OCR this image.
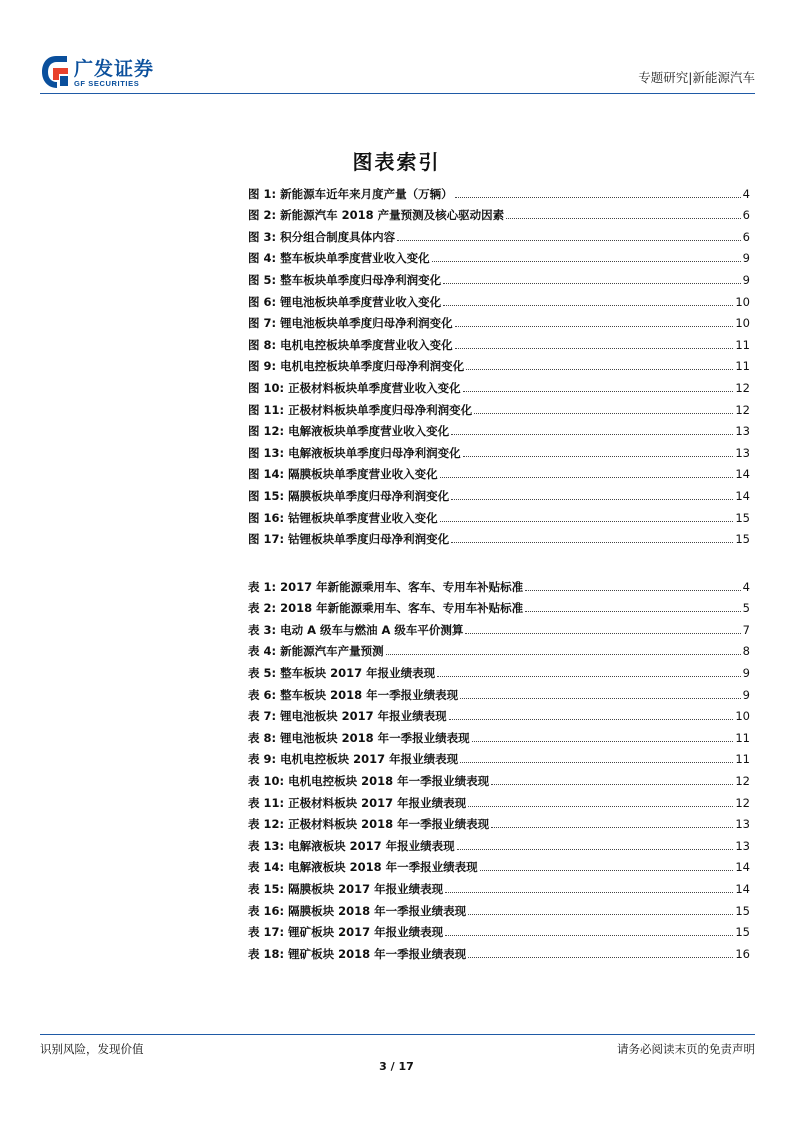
广发证券
GF SECURITIES	专题研究|新能源汽车
图表索引
图 1: 新能源车近年来月度产量（万辆）	4
图 2: 新能源汽车 2018 产量预测及核心驱动因素	6
图 3: 积分组合制度具体内容	6
图 4: 整车板块单季度营业收入变化	9
图 5: 整车板块单季度归母净利润变化	9
图 6: 锂电池板块单季度营业收入变化	10
图 7: 锂电池板块单季度归母净利润变化	10
图 8: 电机电控板块单季度营业收入变化	11
图 9: 电机电控板块单季度归母净利润变化	11
图 10: 正极材料板块单季度营业收入变化	12
图 11: 正极材料板块单季度归母净利润变化	12
图 12: 电解液板块单季度营业收入变化	13
图 13: 电解液板块单季度归母净利润变化	13
图 14: 隔膜板块单季度营业收入变化	14
图 15: 隔膜板块单季度归母净利润变化	14
图 16: 钴锂板块单季度营业收入变化	15
图 17: 钴锂板块单季度归母净利润变化	15
表 1: 2017 年新能源乘用车、客车、专用车补贴标准	4
表 2: 2018 年新能源乘用车、客车、专用车补贴标准	5
表 3: 电动 A 级车与燃油 A 级车平价测算	7
表 4: 新能源汽车产量预测	8
表 5: 整车板块 2017 年报业绩表现	9
表 6: 整车板块 2018 年一季报业绩表现	9
表 7: 锂电池板块 2017 年报业绩表现	10
表 8: 锂电池板块 2018 年一季报业绩表现	11
表 9: 电机电控板块 2017 年报业绩表现	11
表 10: 电机电控板块 2018 年一季报业绩表现	12
表 11: 正极材料板块 2017 年报业绩表现	12
表 12: 正极材料板块 2018 年一季报业绩表现	13
表 13: 电解液板块 2017 年报业绩表现	13
表 14: 电解液板块 2018 年一季报业绩表现	14
表 15: 隔膜板块 2017 年报业绩表现	14
表 16: 隔膜板块 2018 年一季报业绩表现	15
表 17: 锂矿板块 2017 年报业绩表现	15
表 18: 锂矿板块 2018 年一季报业绩表现	16
识别风险，发现价值	请务必阅读末页的免责声明
3 / 17
